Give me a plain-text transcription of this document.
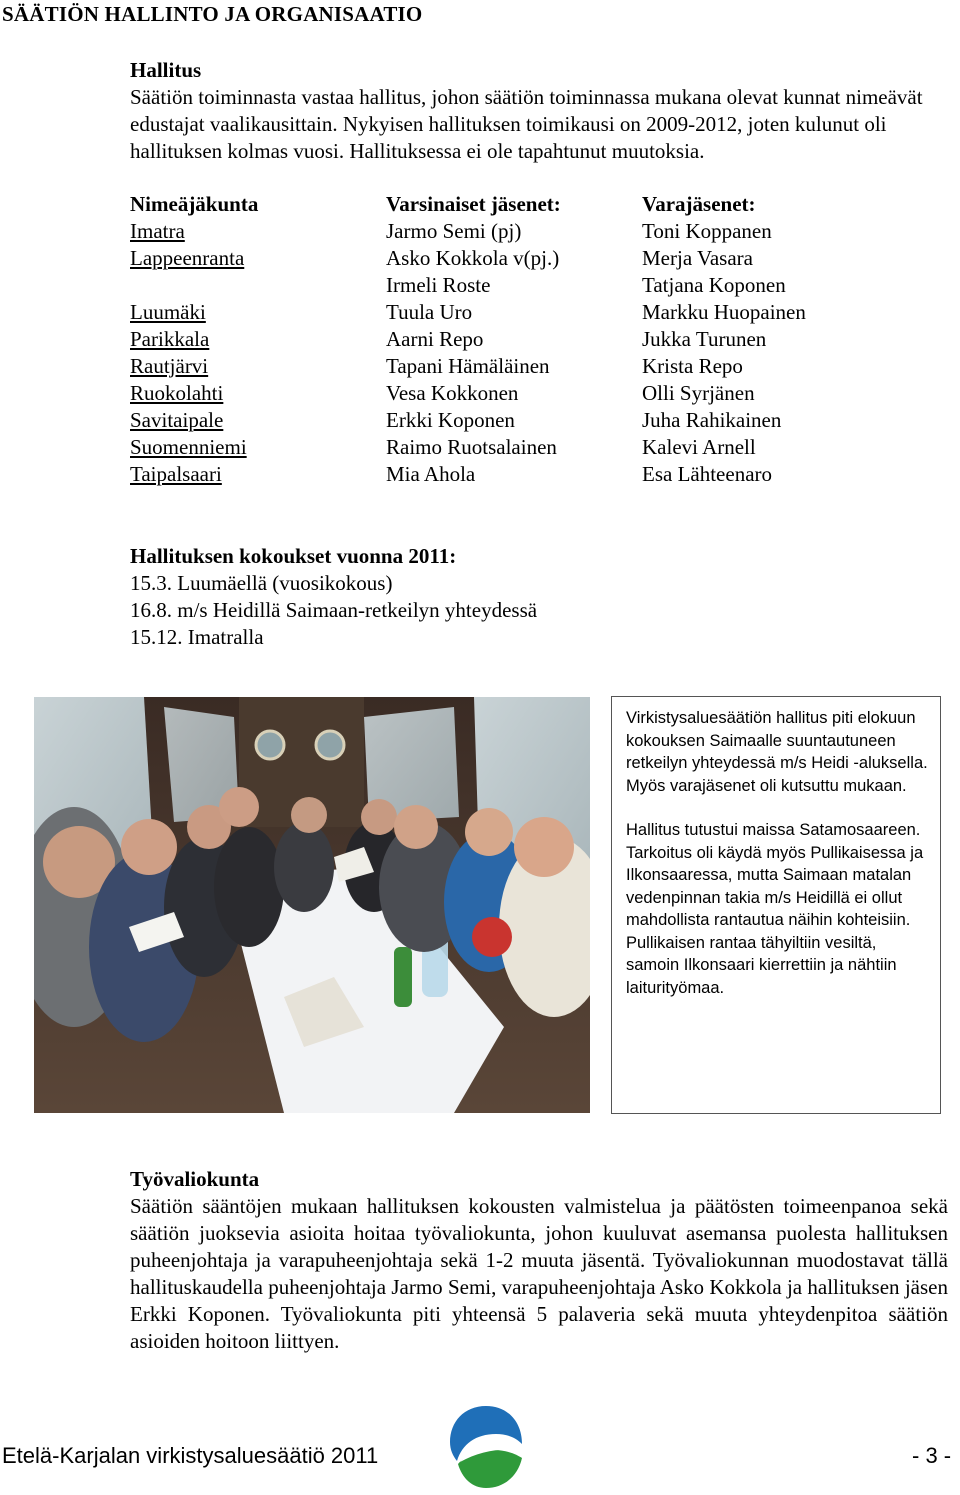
SÄÄTIÖN HALLINTO JA ORGANISAATIO
Hallitus

Säätiön toiminnasta vastaa hallitus, johon säätiön toiminnassa mukana olevat kunnat nimeävät edustajat vaalikausittain. Nykyisen hallituksen toimikausi on 2009-2012, joten kulunut oli hallituksen kolmas vuosi. Hallituksessa ei ole tapahtunut muutoksia.

Nimeäjäkunta	Varsinaiset jäsenet:	Varajäsenet:
Imatra	Jarmo Semi (pj)	Toni Koppanen
Lappeenranta	Asko Kokkola v(pj.)	Merja Vasara
	Irmeli Roste	Tatjana Koponen
Luumäki	Tuula Uro	Markku Huopainen
Parikkala	Aarni Repo	Jukka Turunen
Rautjärvi	Tapani Hämäläinen	Krista Repo
Ruokolahti	Vesa Kokkonen	Olli Syrjänen
Savitaipale	Erkki Koponen	Juha Rahikainen
Suomenniemi	Raimo Ruotsalainen	Kalevi Arnell
Taipalsaari	Mia Ahola	Esa Lähteenaro
Hallituksen kokoukset vuonna 2011:
15.3. Luumäellä (vuosikokous)
16.8. m/s Heidillä Saimaan-retkeilyn yhteydessä
15.12. Imatralla

Virkistysaluesäätiön hallitus piti elokuun kokouksen Saimaalle suuntautuneen retkeilyn yhteydessä m/s Heidi -aluksella. Myös varajäsenet oli kutsuttu mukaan.

Hallitus tutustui maissa Satamosaareen. Tarkoitus oli käydä myös Pullikaisessa ja Ilkonsaaressa, mutta Saimaan matalan vedenpinnan takia m/s Heidillä ei ollut mahdollista rantautua näihin kohteisiin. Pullikaisen rantaa tähyiltiin vesiltä, samoin Ilkonsaari kierrettiin ja nähtiin laiturityömaa.

Työvaliokunta

Säätiön sääntöjen mukaan hallituksen kokousten valmistelua ja päätösten toimeenpanoa sekä säätiön juoksevia asioita hoitaa työvaliokunta, johon kuuluvat asemansa puolesta hallituksen puheenjohtaja ja varapuheenjohtaja sekä 1-2 muuta jäsentä. Työvaliokunnan muodostavat tällä hallituskaudella puheenjohtaja Jarmo Semi, varapuheenjohtaja Asko Kokkola ja hallituksen jäsen Erkki Koponen. Työvaliokunta piti yhteensä 5 palaveria sekä muuta yhteydenpitoa säätiön asioiden hoitoon liittyen.

Etelä-Karjalan virkistysaluesäätiö 2011	- 3 -
